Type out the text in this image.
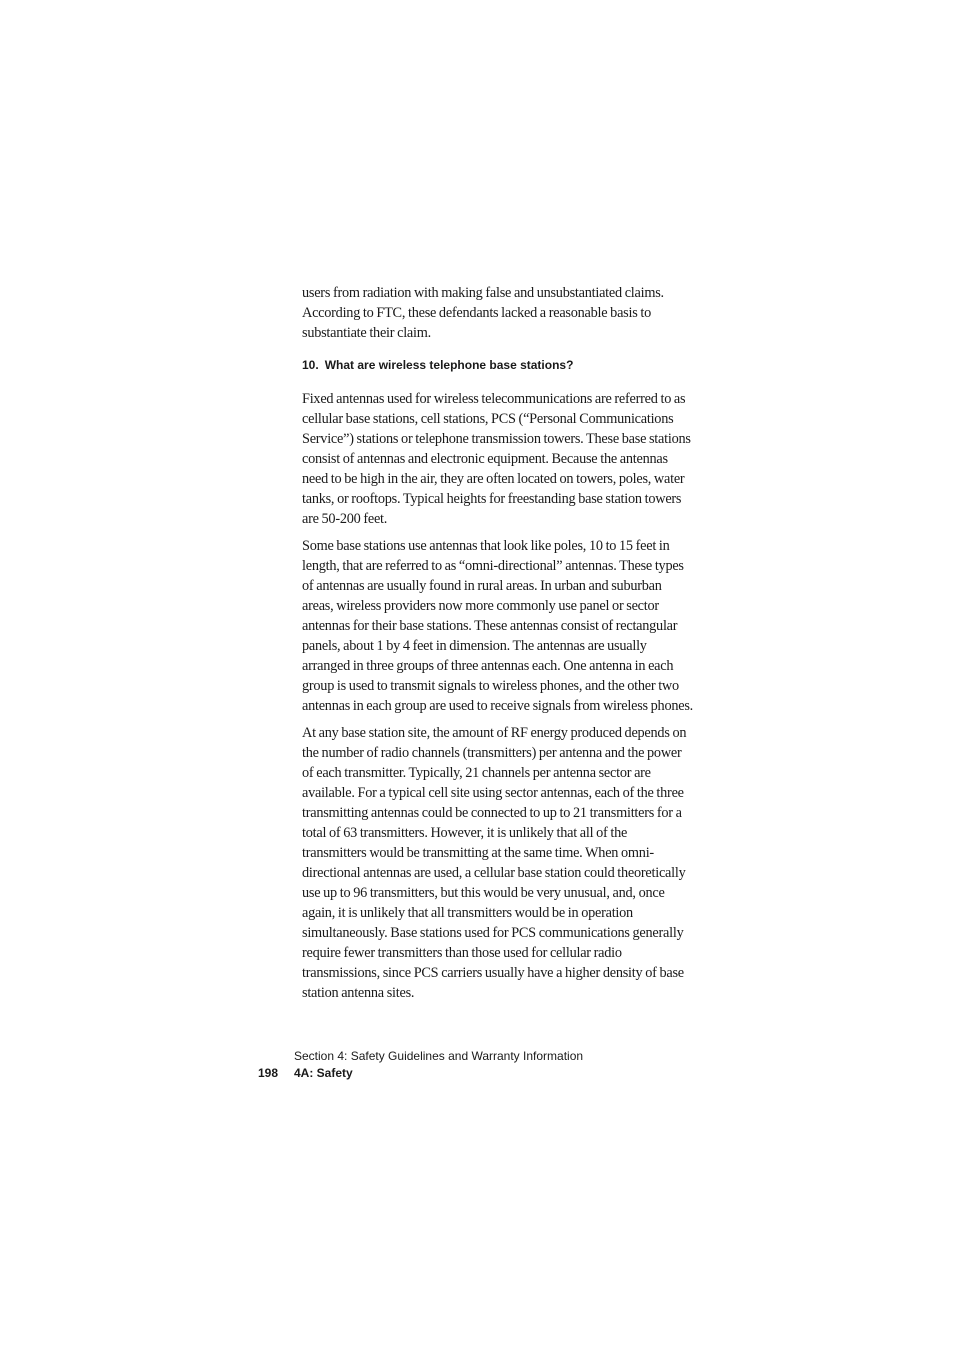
users from radiation with making false and unsubstantiated claims. According to FTC, these defendants lacked a reasonable basis to substantiate their claim.

10. What are wireless telephone base stations?

Fixed antennas used for wireless telecommunications are referred to as cellular base stations, cell stations, PCS (“Personal Communications Service”) stations or telephone transmission towers. These base stations consist of antennas and electronic equipment. Because the antennas need to be high in the air, they are often located on towers, poles, water tanks, or rooftops. Typical heights for freestanding base station towers are 50-200 feet.

Some base stations use antennas that look like poles, 10 to 15 feet in length, that are referred to as “omni-directional” antennas. These types of antennas are usually found in rural areas. In urban and suburban areas, wireless providers now more commonly use panel or sector antennas for their base stations. These antennas consist of rectangular panels, about 1 by 4 feet in dimension. The antennas are usually arranged in three groups of three antennas each. One antenna in each group is used to transmit signals to wireless phones, and the other two antennas in each group are used to receive signals from wireless phones.

At any base station site, the amount of RF energy produced depends on the number of radio channels (transmitters) per antenna and the power of each transmitter. Typically, 21 channels per antenna sector are available. For a typical cell site using sector antennas, each of the three transmitting antennas could be connected to up to 21 transmitters for a total of 63 transmitters. However, it is unlikely that all of the transmitters would be transmitting at the same time. When omni-directional antennas are used, a cellular base station could theoretically use up to 96 transmitters, but this would be very unusual, and, once again, it is unlikely that all transmitters would be in operation simultaneously. Base stations used for PCS communications generally require fewer transmitters than those used for cellular radio transmissions, since PCS carriers usually have a higher density of base station antenna sites.

Section 4: Safety Guidelines and Warranty Information
198 4A: Safety
